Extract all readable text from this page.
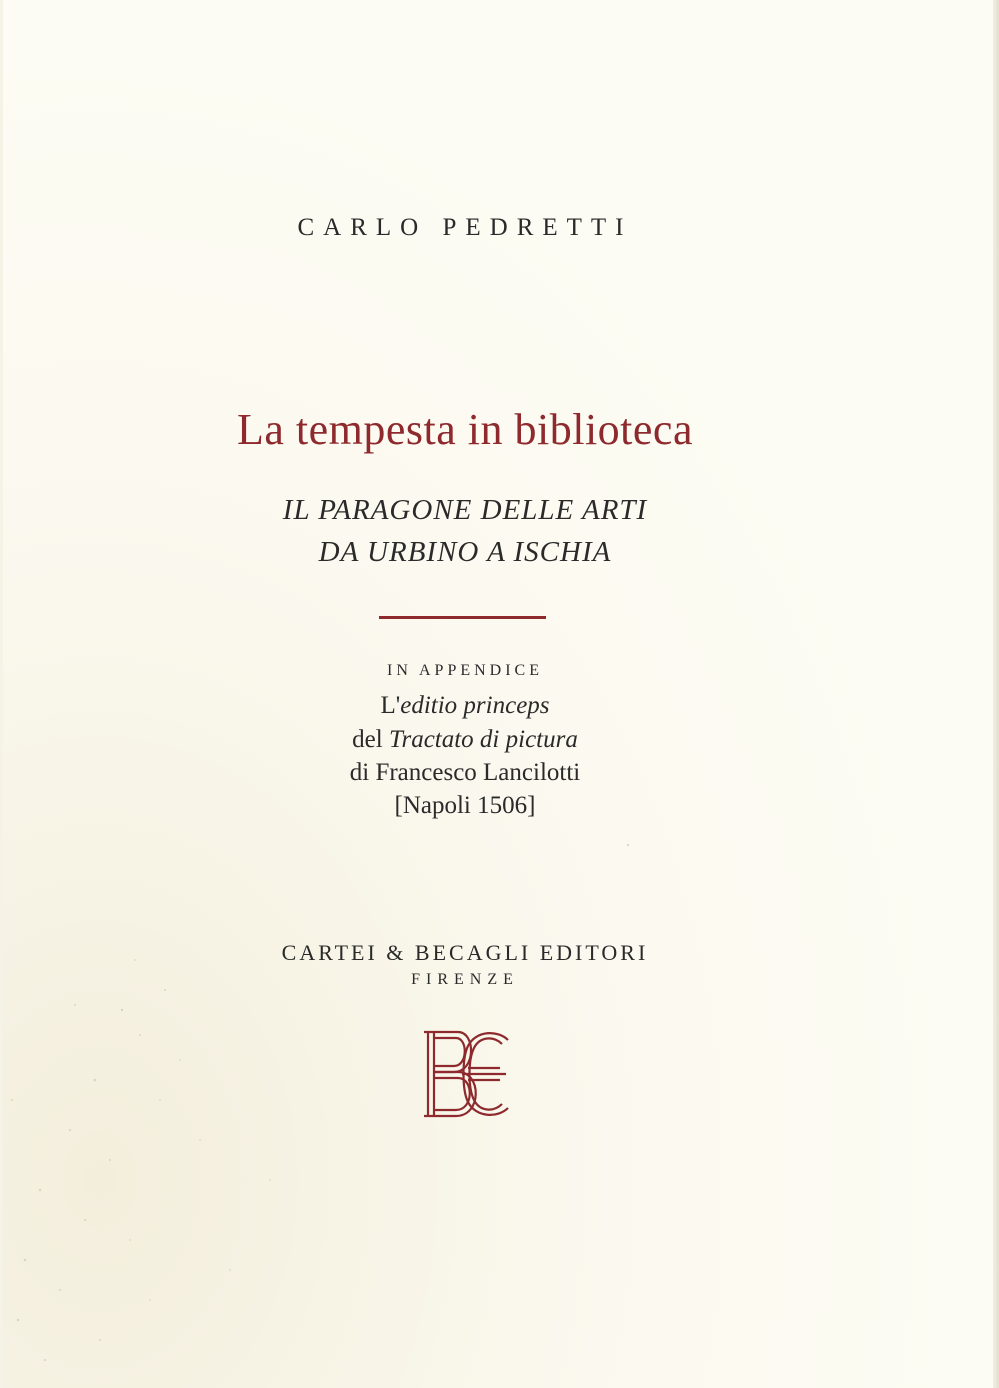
CARLO PEDRETTI
La tempesta in biblioteca
IL PARAGONE DELLE ARTI
DA URBINO A ISCHIA
IN APPENDICE
L'editio princeps
del Tractato di pictura
di Francesco Lancilotti
[Napoli 1506]
CARTEI & BECAGLI EDITORI
FIRENZE
